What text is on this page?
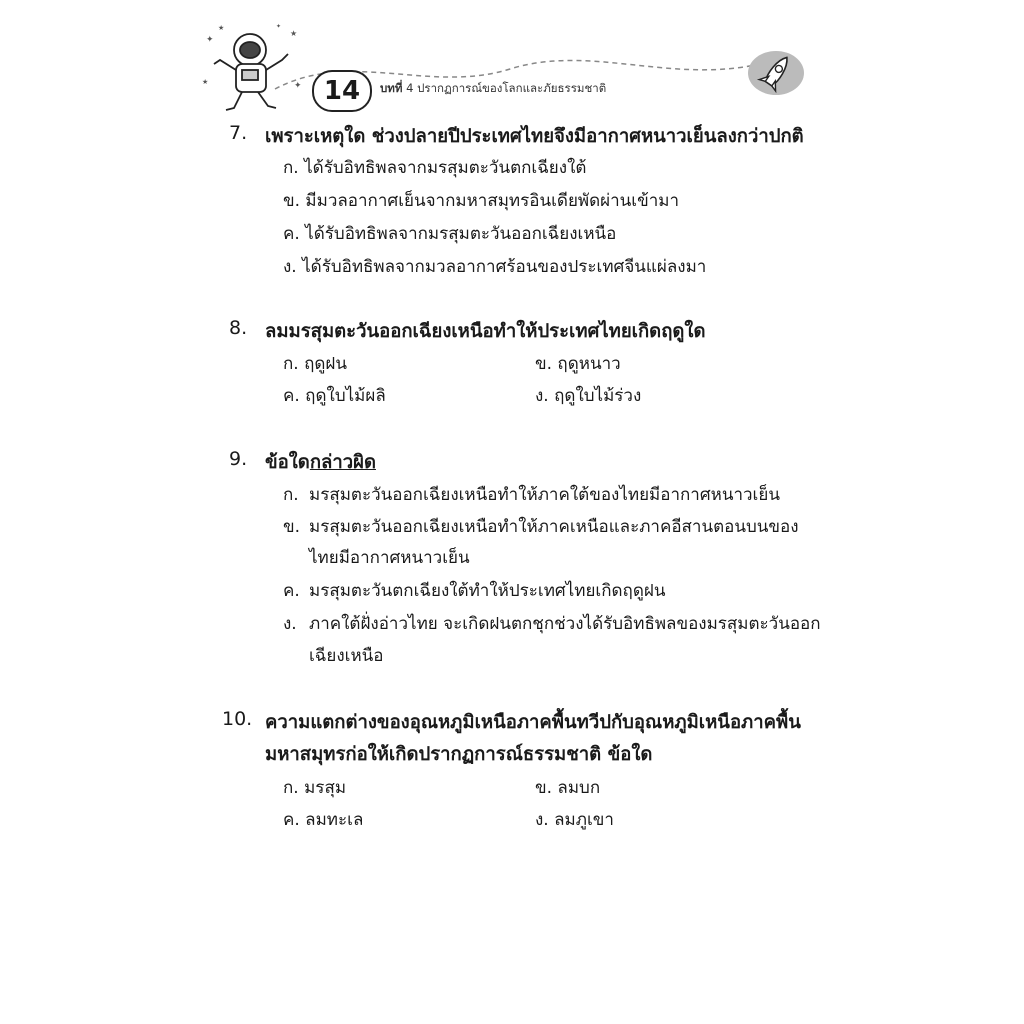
✦
★
★	✦
★	✦
14	บทที่ 4 ปรากฏการณ์ของโลกและภัยธรรมชาติ
7. เพราะเหตุใด ช่วงปลายปีประเทศไทยจึงมีอากาศหนาวเย็นลงกว่าปกติ
ก. ได้รับอิทธิพลจากมรสุมตะวันตกเฉียงใต้
ข. มีมวลอากาศเย็นจากมหาสมุทรอินเดียพัดผ่านเข้ามา
ค. ได้รับอิทธิพลจากมรสุมตะวันออกเฉียงเหนือ
ง. ได้รับอิทธิพลจากมวลอากาศร้อนของประเทศจีนแผ่ลงมา
8. ลมมรสุมตะวันออกเฉียงเหนือทำให้ประเทศไทยเกิดฤดูใด
ก. ฤดูฝน	ข. ฤดูหนาว
ค. ฤดูใบไม้ผลิ	ง. ฤดูใบไม้ร่วง
9. ข้อใดกล่าวผิด
ก. มรสุมตะวันออกเฉียงเหนือทำให้ภาคใต้ของไทยมีอากาศหนาวเย็น
ข. มรสุมตะวันออกเฉียงเหนือทำให้ภาคเหนือและภาคอีสานตอนบนของ
ไทยมีอากาศหนาวเย็น
ค. มรสุมตะวันตกเฉียงใต้ทำให้ประเทศไทยเกิดฤดูฝน
ง. ภาคใต้ฝั่งอ่าวไทย จะเกิดฝนตกชุกช่วงได้รับอิทธิพลของมรสุมตะวันออก
เฉียงเหนือ
10. ความแตกต่างของอุณหภูมิเหนือภาคพื้นทวีปกับอุณหภูมิเหนือภาคพื้น
มหาสมุทรก่อให้เกิดปรากฏการณ์ธรรมชาติ ข้อใด
ก. มรสุม	ข. ลมบก
ค. ลมทะเล	ง. ลมภูเขา
